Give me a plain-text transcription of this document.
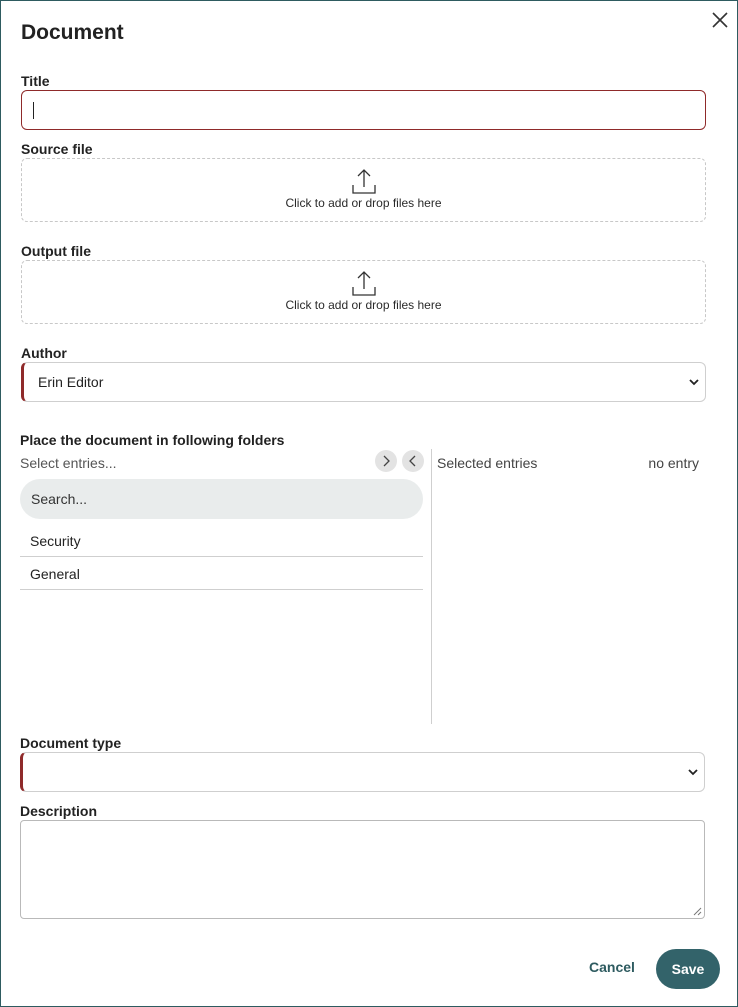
Document
Title
Source file
Click to add or drop files here
Output file
Click to add or drop files here
Author
Erin Editor
Place the document in following folders
Select entries...
Search...
Security
General
Selected entries	no entry
Document type
Description
Cancel	Save
